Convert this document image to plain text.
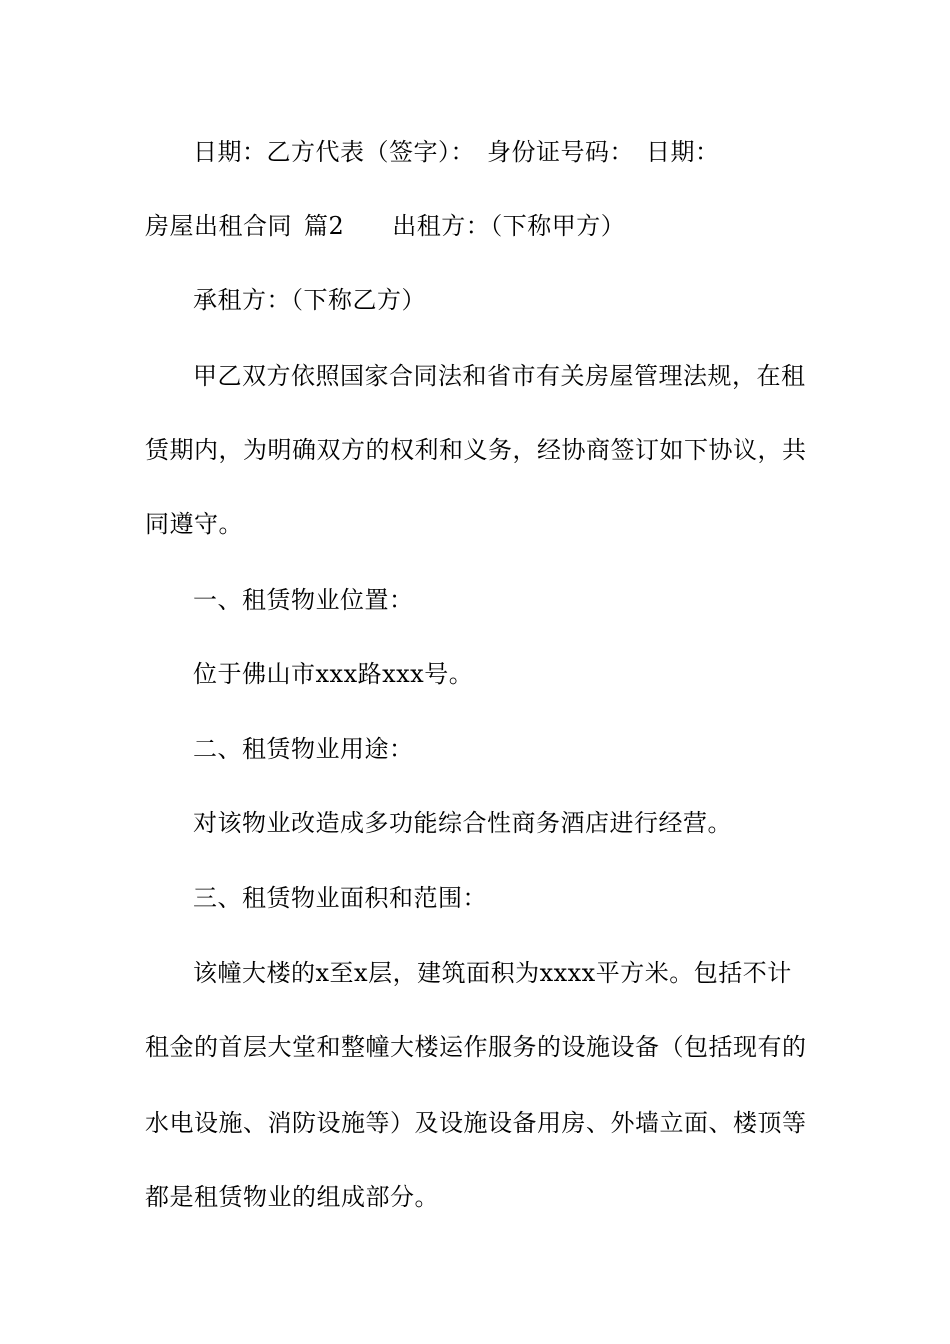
日期：乙方代表（签字）： 身份证号码： 日期：
房屋出租合同 篇2 出租方：（下称甲方）
承租方：（下称乙方）
甲乙双方依照国家合同法和省市有关房屋管理法规，在租
赁期内，为明确双方的权利和义务，经协商签订如下协议，共
同遵守。
一、租赁物业位置：
位于佛山市xxx路xxx号。
二、租赁物业用途：
对该物业改造成多功能综合性商务酒店进行经营。
三、租赁物业面积和范围：
该幢大楼的x至x层，建筑面积为xxxx平方米。包括不计
租金的首层大堂和整幢大楼运作服务的设施设备（包括现有的
水电设施、消防设施等）及设施设备用房、外墙立面、楼顶等
都是租赁物业的组成部分。
